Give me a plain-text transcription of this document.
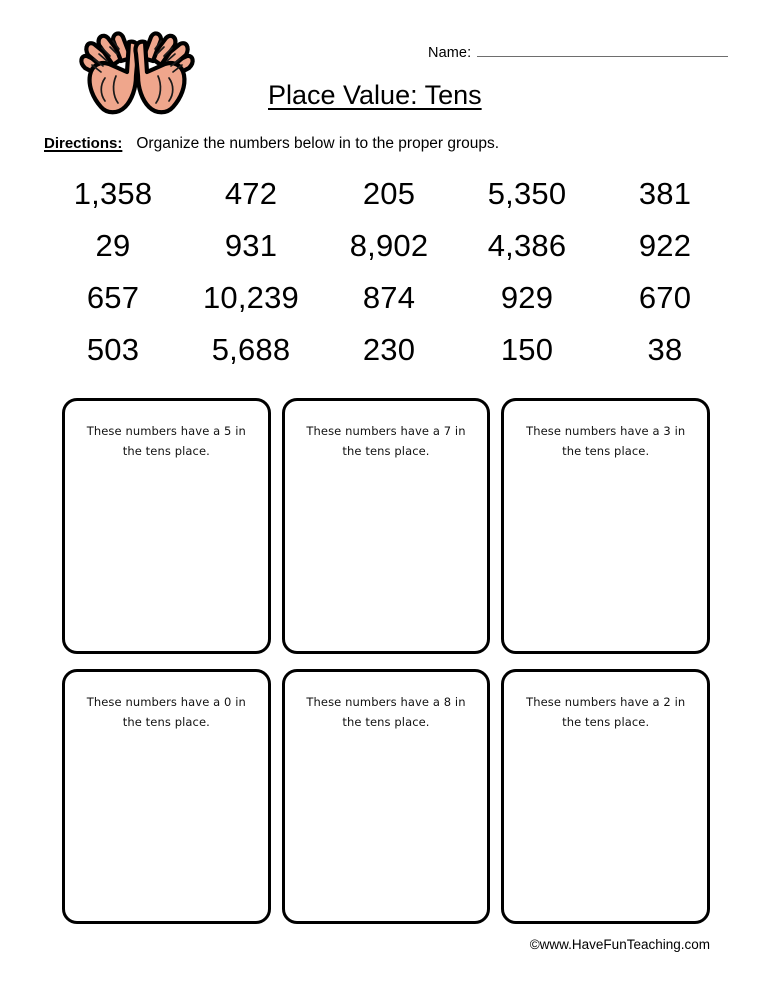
Name:
Place Value: Tens
Directions: Organize the numbers below in to the proper groups.
1,358	472	205	5,350	381
29	931	8,902	4,386	922
657	10,239	874	929	670
503	5,688	230	150	38
These numbers have a 5 in the tens place.
These numbers have a 7 in the tens place.
These numbers have a 3 in the tens place.
These numbers have a 0 in the tens place.
These numbers have a 8 in the tens place.
These numbers have a 2 in the tens place.
©www.HaveFunTeaching.com
